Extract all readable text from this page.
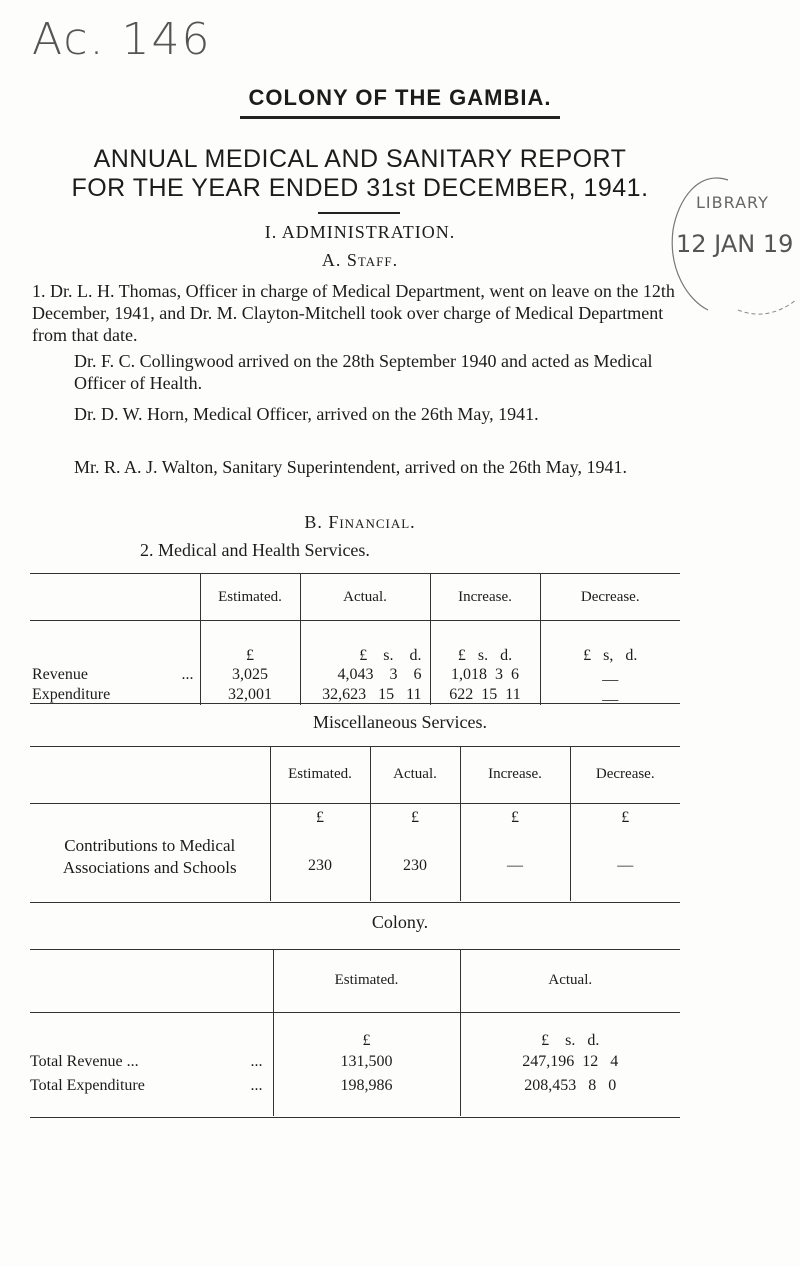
Ac. 146
COLONY OF THE GAMBIA.
ANNUAL MEDICAL AND SANITARY REPORT
FOR THE YEAR ENDED 31st DECEMBER, 1941.
LIBRARY
12 JAN 19
I. ADMINISTRATION.
A. Staff.
1. Dr. L. H. Thomas, Officer in charge of Medical Department, went on leave on the 12th December, 1941, and Dr. M. Clayton-Mitchell took over charge of Medical Department from that date.
Dr. F. C. Collingwood arrived on the 28th September 1940 and acted as Medical Officer of Health.
Dr. D. W. Horn, Medical Officer, arrived on the 26th May, 1941.
Mr. R. A. J. Walton, Sanitary Superintendent, arrived on the 26th May, 1941.
B. Financial.
2. Medical and Health Services.
	Estimated.	Actual.	Increase.	Decrease.
	£	£    s.    d.	£   s.   d.	£   s,   d.
Revenue ...	3,025	4,043    3    6	1,018  3  6	__
Expenditure	32,001	32,623   15   11	622  15  11	__
Miscellaneous Services.
	Estimated.	Actual.	Increase.	Decrease.
	£	£	£	£

Contributions to Medical
Associations and Schools	230	230	—	—
Colony.
	Estimated.	Actual.
	£	£    s.   d.
Total Revenue ... ...	131,500	247,196  12   4
Total Expenditure ...	198,986	208,453   8   0
